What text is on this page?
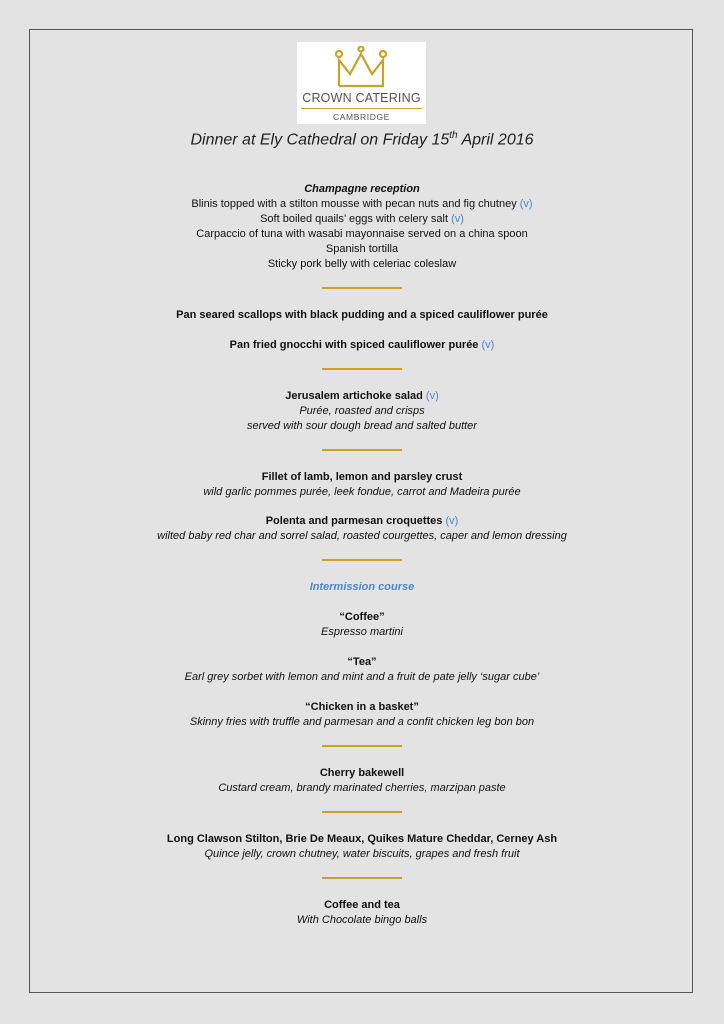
CROWN CATERING
CAMBRIDGE
Dinner at Ely Cathedral on Friday 15th April 2016
Champagne reception
Blinis topped with a stilton mousse with pecan nuts and fig chutney (v)
Soft boiled quails’ eggs with celery salt (v)
Carpaccio of tuna with wasabi mayonnaise served on a china spoon
Spanish tortilla
Sticky pork belly with celeriac coleslaw
Pan seared scallops with black pudding and a spiced cauliflower purée
Pan fried gnocchi with spiced cauliflower purée (v)
Jerusalem artichoke salad (v)
Purée, roasted and crisps
served with sour dough bread and salted butter
Fillet of lamb, lemon and parsley crust
wild garlic pommes purée, leek fondue, carrot and Madeira purée
Polenta and parmesan croquettes (v)
wilted baby red char and sorrel salad, roasted courgettes, caper and lemon dressing
Intermission course
“Coffee”
Espresso martini
“Tea”
Earl grey sorbet with lemon and mint and a fruit de pate jelly ‘sugar cube’
“Chicken in a basket”
Skinny fries with truffle and parmesan and a confit chicken leg bon bon
Cherry bakewell
Custard cream, brandy marinated cherries, marzipan paste
Long Clawson Stilton, Brie De Meaux, Quikes Mature Cheddar, Cerney Ash
Quince jelly, crown chutney, water biscuits, grapes and fresh fruit
Coffee and tea
With Chocolate bingo balls
